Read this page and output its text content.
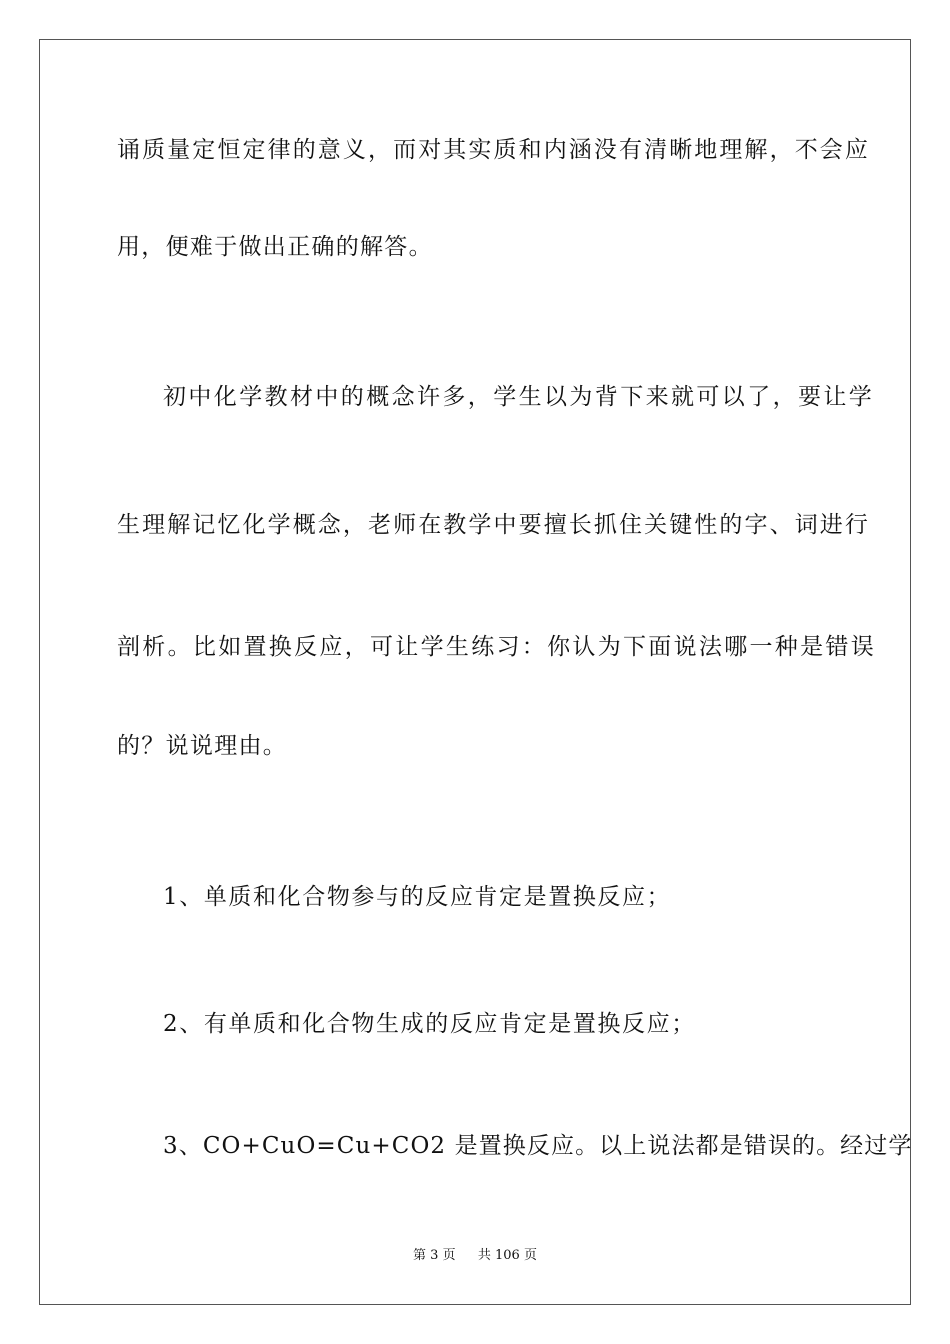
诵质量定恒定律的意义，而对其实质和内涵没有清晰地理解，不会应
用，便难于做出正确的解答。
初中化学教材中的概念许多，学生以为背下来就可以了，要让学
生理解记忆化学概念，老师在教学中要擅长抓住关键性的字、词进行
剖析。比如置换反应，可让学生练习：你认为下面说法哪一种是错误
的？说说理由。
1、单质和化合物参与的反应肯定是置换反应；
2、有单质和化合物生成的反应肯定是置换反应；
3、CO+CuO=Cu+CO2 是置换反应。以上说法都是错误的。经过学
第 3 页 共 106 页
